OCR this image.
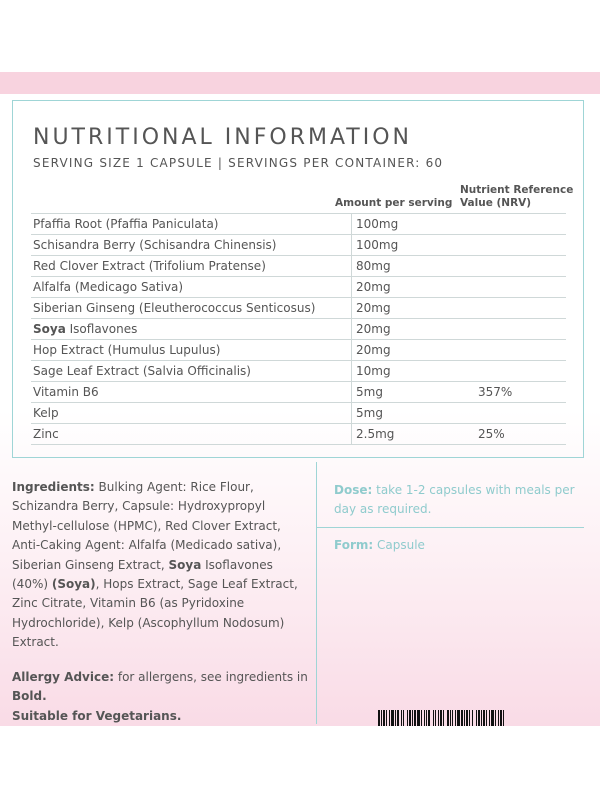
NUTRITIONAL INFORMATION
SERVING SIZE 1 CAPSULE | SERVINGS PER CONTAINER: 60
Amount per serving
Nutrient Reference
Value (NRV)
Pfaffia Root (Pfaffia Paniculata)	100mg	
Schisandra Berry (Schisandra Chinensis)	100mg	
Red Clover Extract (Trifolium Pratense)	80mg	
Alfalfa (Medicago Sativa)	20mg	
Siberian Ginseng (Eleutherococcus Senticosus)	20mg	
Soya Isoflavones	20mg	
Hop Extract (Humulus Lupulus)	20mg	
Sage Leaf Extract (Salvia Officinalis)	10mg	
Vitamin B6	5mg	357%
Kelp	5mg	
Zinc	2.5mg	25%
Ingredients: Bulking Agent: Rice Flour, Schizandra Berry, Capsule: Hydroxypropyl Methyl-cellulose (HPMC), Red Clover Extract, Anti-Caking Agent: Alfalfa (Medicado sativa), Siberian Ginseng Extract, Soya Isoflavones (40%) (Soya), Hops Extract, Sage Leaf Extract, Zinc Citrate, Vitamin B6 (as Pyridoxine Hydrochloride), Kelp (Ascophyllum Nodosum) Extract.
Allergy Advice: for allergens, see ingredients in Bold.
Suitable for Vegetarians.
Dose: take 1-2 capsules with meals per day as required.
Form: Capsule
